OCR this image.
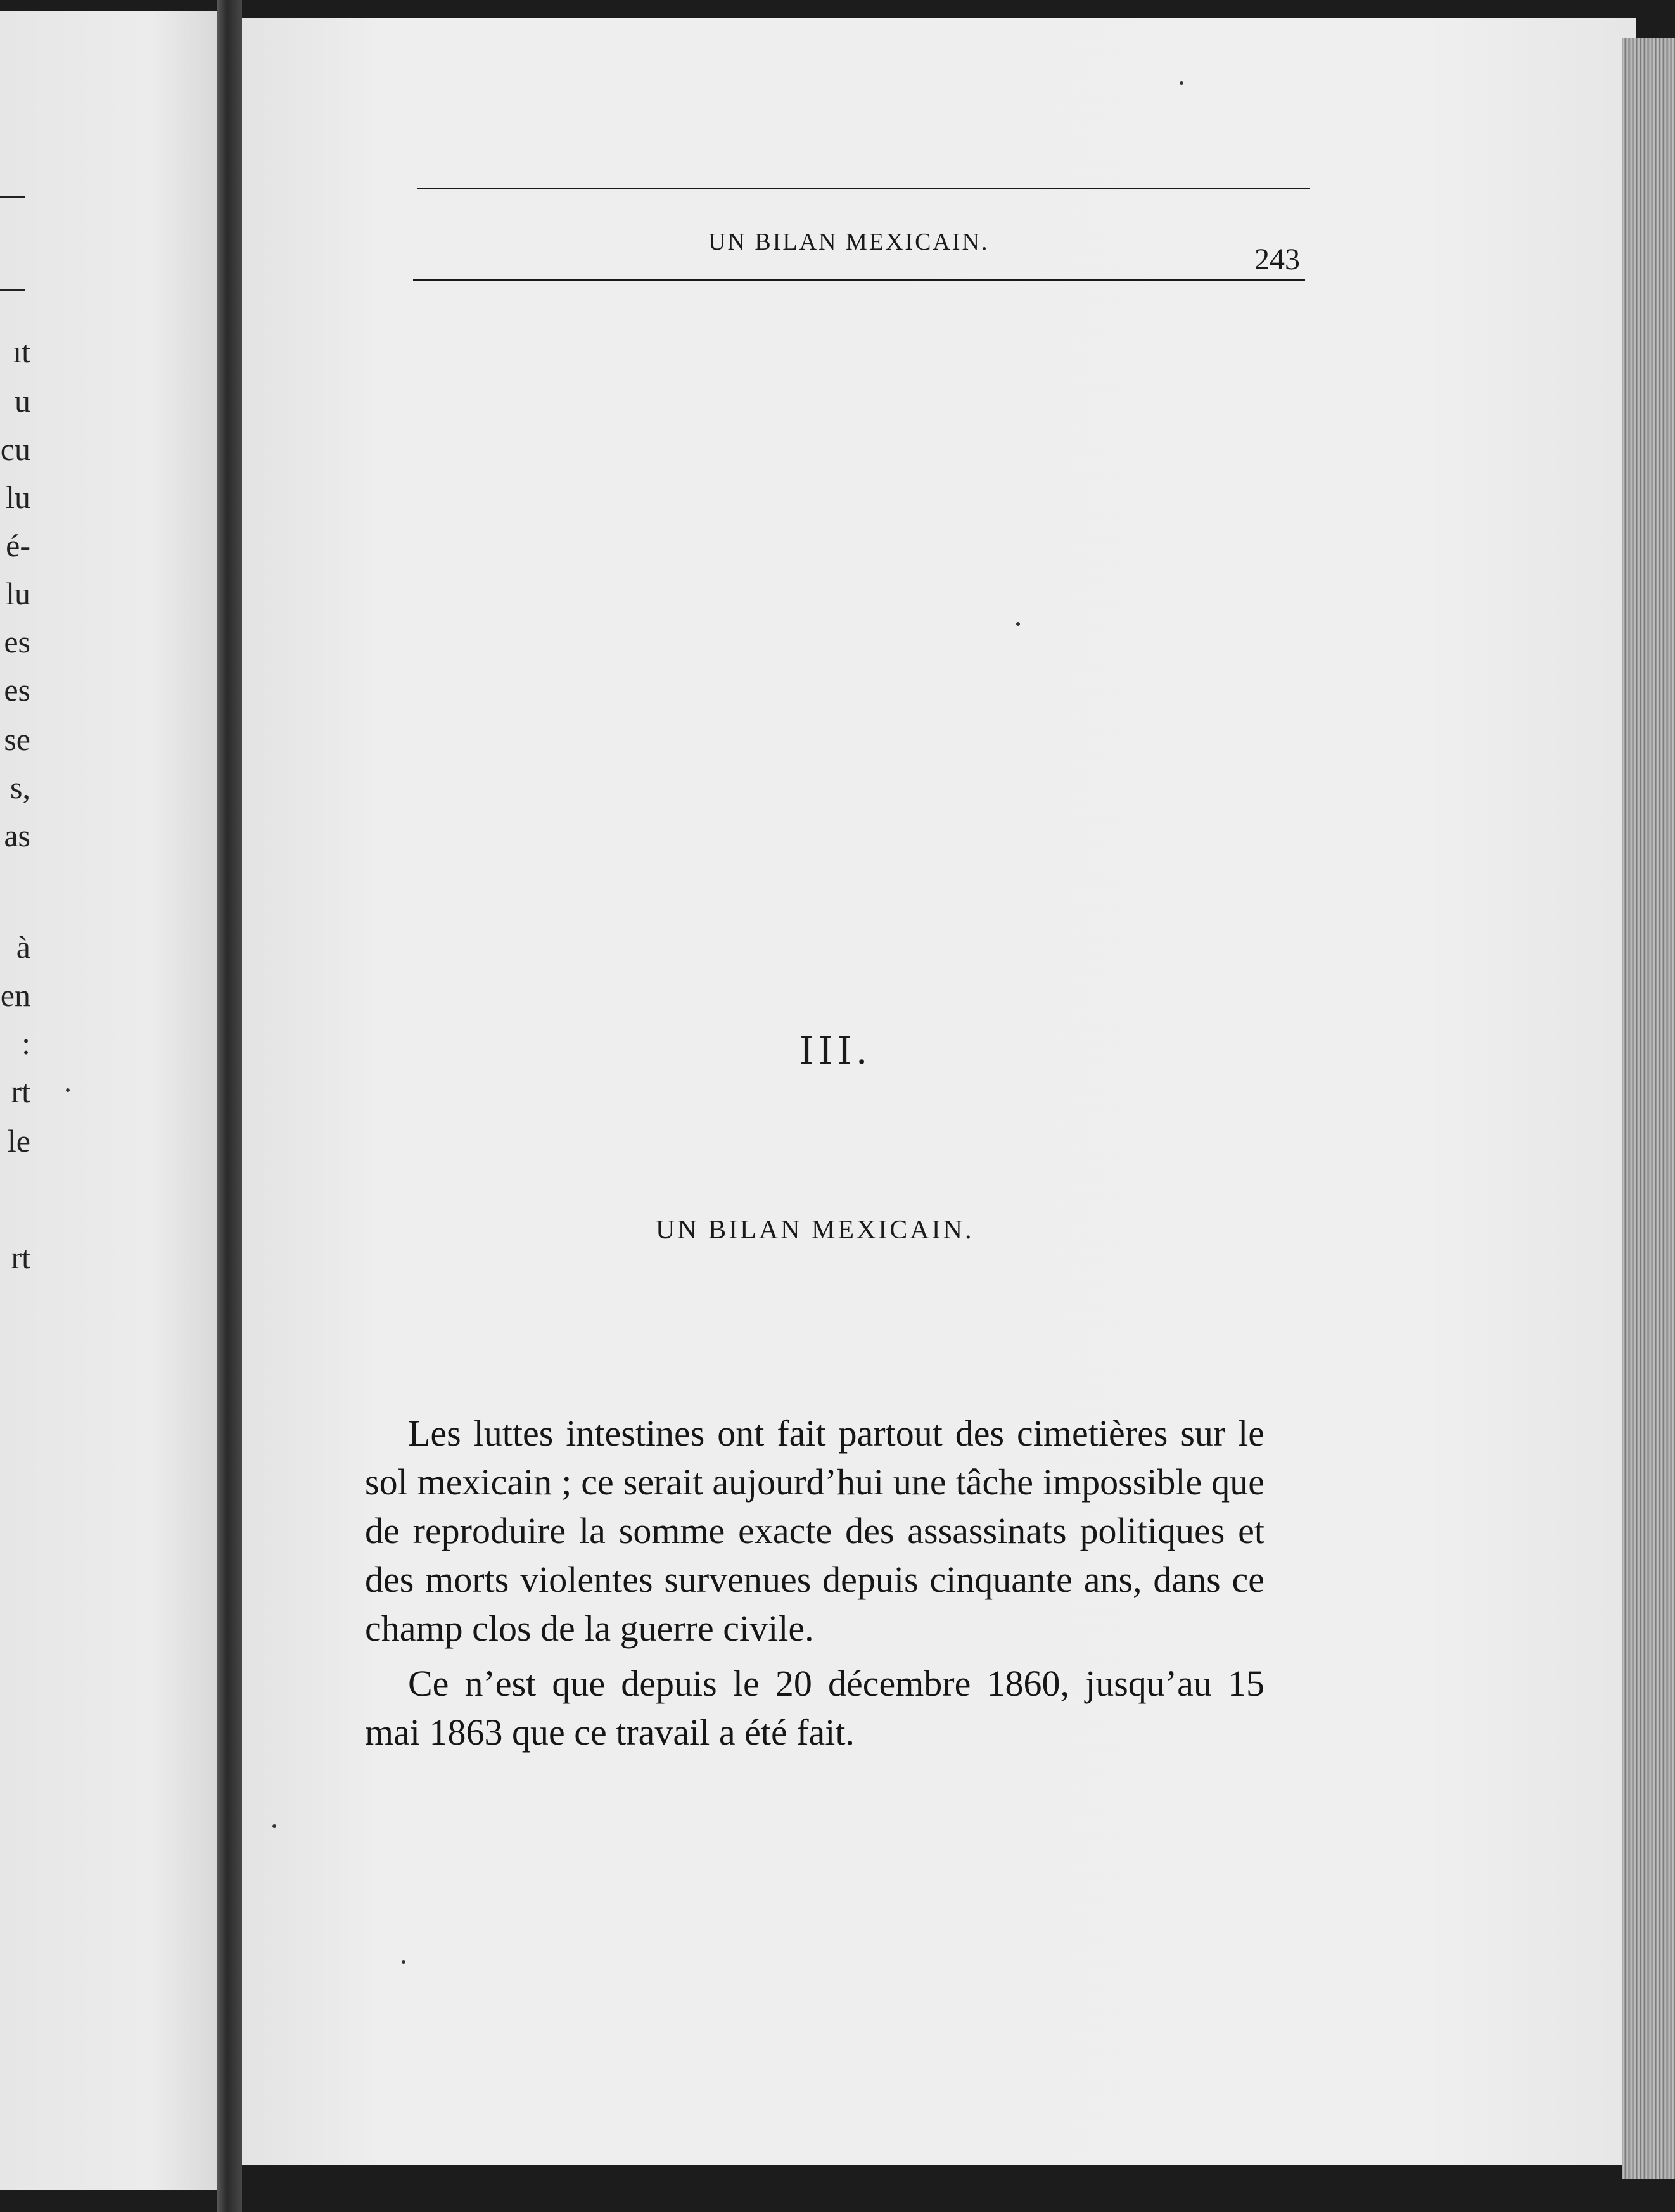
ıt
u
cu
lu
é-
lu
es
es
se
s,
as
à
en
:
rt
le
rt
UN BILAN MEXICAIN.
243
III.
UN BILAN MEXICAIN.

Les luttes intestines ont fait partout des cimetières sur le sol mexicain ; ce serait aujourd’hui une tâche impossible que de reproduire la somme exacte des assassinats politiques et des morts violentes survenues depuis cinquante ans, dans ce champ clos de la guerre civile.

Ce n’est que depuis le 20 décembre 1860, jusqu’au 15 mai 1863 que ce travail a été fait.
